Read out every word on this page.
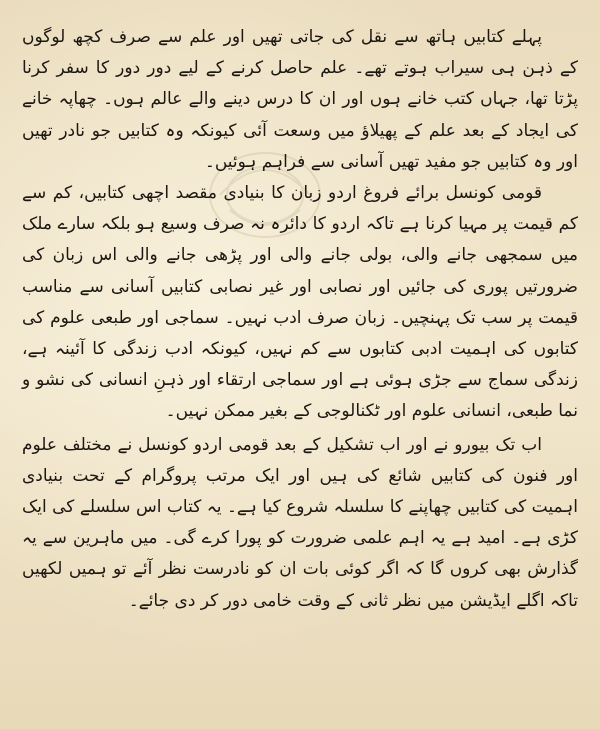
پہلے کتابیں ہاتھ سے نقل کی جاتی تھیں اور علم سے صرف کچھ لوگوں کے ذہن ہی سیراب ہوتے تھے۔ علم حاصل کرنے کے لیے دور دور کا سفر کرنا پڑتا تھا، جہاں کتب خانے ہوں اور ان کا درس دینے والے عالم ہوں۔ چھاپہ خانے کی ایجاد کے بعد علم کے پھیلاؤ میں وسعت آئی کیونکہ وہ کتابیں جو نادر تھیں اور وہ کتابیں جو مفید تھیں آسانی سے فراہم ہوئیں۔

قومی کونسل برائے فروغ اردو زبان کا بنیادی مقصد اچھی کتابیں، کم سے کم قیمت پر مہیا کرنا ہے تاکہ اردو کا دائرہ نہ صرف وسیع ہو بلکہ سارے ملک میں سمجھی جانے والی، بولی جانے والی اور پڑھی جانے والی اس زبان کی ضرورتیں پوری کی جائیں اور نصابی اور غیر نصابی کتابیں آسانی سے مناسب قیمت پر سب تک پہنچیں۔ زبان صرف ادب نہیں۔ سماجی اور طبعی علوم کی کتابوں کی اہمیت ادبی کتابوں سے کم نہیں، کیونکہ ادب زندگی کا آئینہ ہے، زندگی سماج سے جڑی ہوئی ہے اور سماجی ارتقاء اور ذہنِ انسانی کی نشو و نما طبعی، انسانی علوم اور ٹکنالوجی کے بغیر ممکن نہیں۔

اب تک بیورو نے اور اب تشکیل کے بعد قومی اردو کونسل نے مختلف علوم اور فنون کی کتابیں شائع کی ہیں اور ایک مرتب پروگرام کے تحت بنیادی اہمیت کی کتابیں چھاپنے کا سلسلہ شروع کیا ہے۔ یہ کتاب اس سلسلے کی ایک کڑی ہے۔ امید ہے یہ اہم علمی ضرورت کو پورا کرے گی۔ میں ماہرین سے یہ گذارش بھی کروں گا کہ اگر کوئی بات ان کو نادرست نظر آئے تو ہمیں لکھیں تاکہ اگلے ایڈیشن میں نظر ثانی کے وقت خامی دور کر دی جائے۔
